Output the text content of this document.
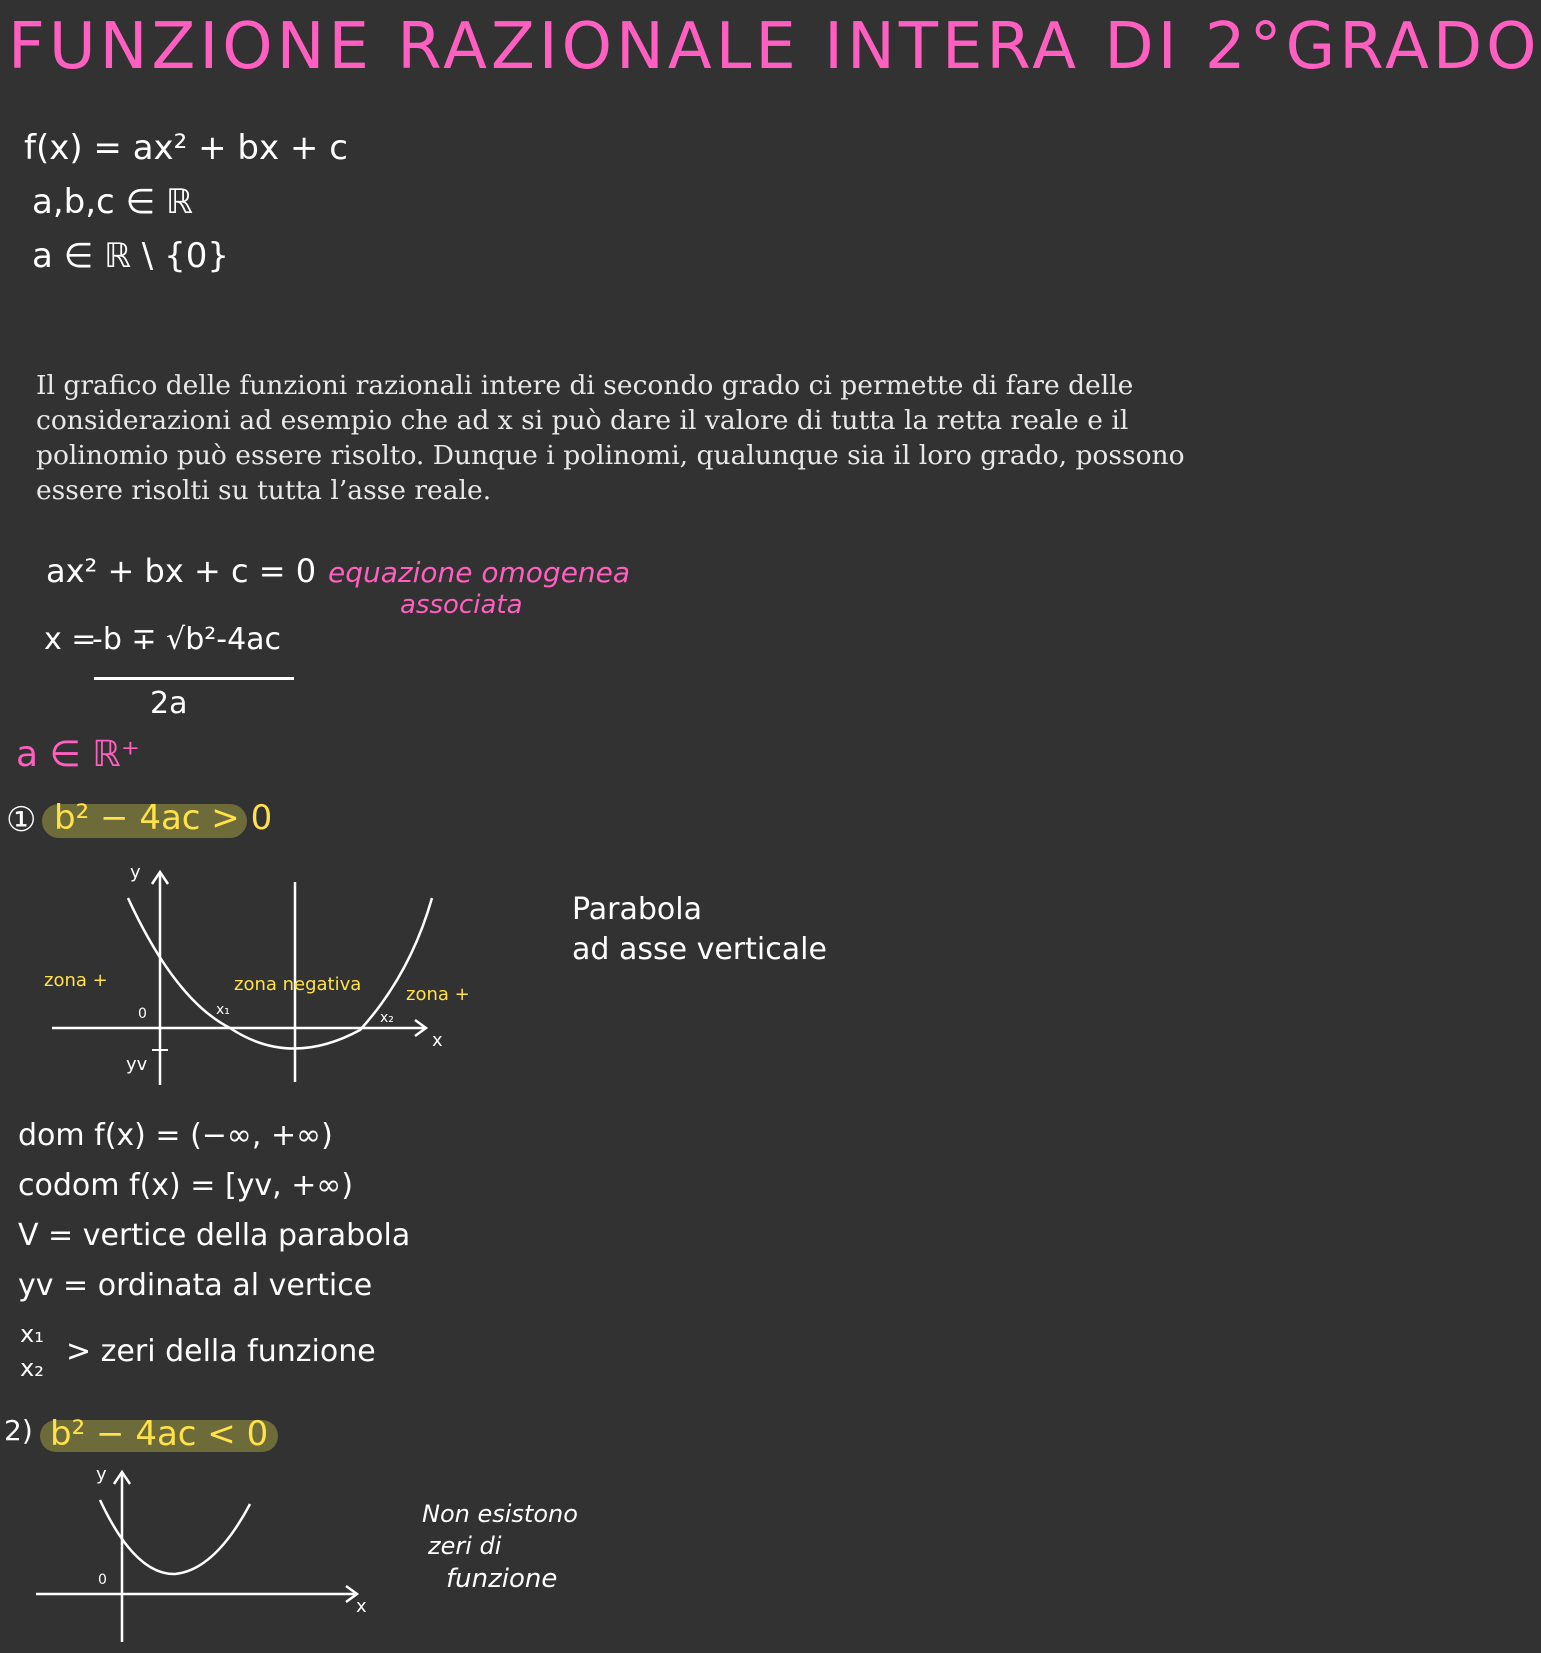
FUNZIONE RAZIONALE INTERA DI 2°GRADO
f(x) = ax² + bx + c
a,b,c ∈ ℝ
a ∈ ℝ \ {0}
Il grafico delle funzioni razionali intere di secondo grado ci permette di fare delle considerazioni ad esempio che ad x si può dare il valore di tutta la retta reale e il polinomio può essere risolto. Dunque i polinomi, qualunque sia il loro grado, possono essere risolti su tutta l’asse reale.
ax² + bx + c = 0 equazione omogenea
associata
x =
-b ∓ √b²-4ac
2a
a ∈ ℝ⁺
① b² − 4ac > 0
y
x
0
zona +	zona negativa zona +
x₁	x₂
yv
Parabola
ad asse verticale
dom f(x) = (−∞, +∞)
codom f(x) = [yv, +∞)
V = vertice della parabola
yv = ordinata al vertice
x₁
x₂ > zeri della funzione
2) b² − 4ac < 0
y
x
0
Non esistono
zeri di
funzione
